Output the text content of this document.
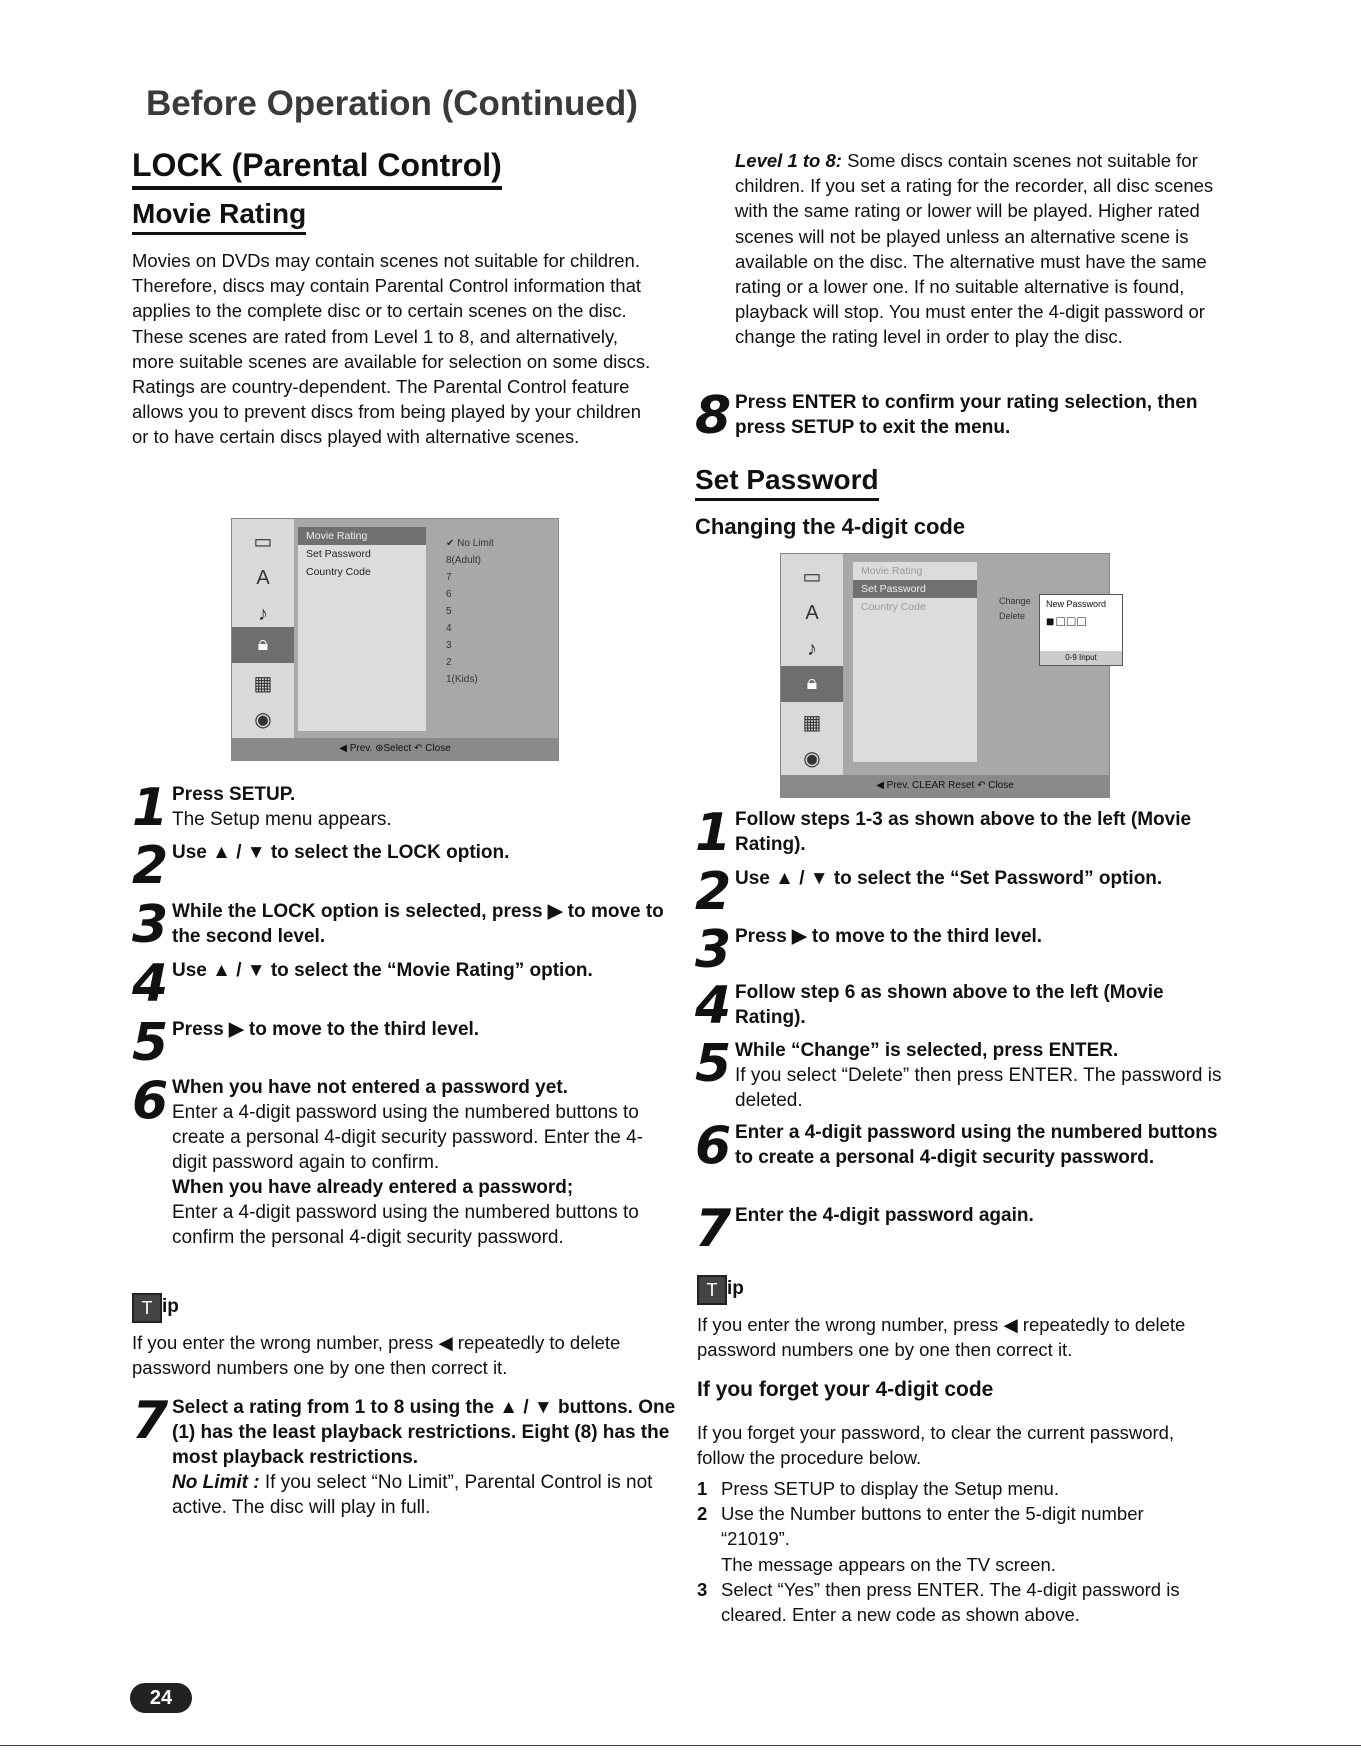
Before Operation (Continued)
LOCK (Parental Control)
Movie Rating
Movies on DVDs may contain scenes not suitable for children. Therefore, discs may contain Parental Control information that applies to the complete disc or to certain scenes on the disc. These scenes are rated from Level 1 to 8, and alternatively, more suitable scenes are available for selection on some discs. Ratings are country-dependent. The Parental Control feature allows you to prevent discs from being played by your children or to have certain discs played with alternative scenes.
▭
A
♪
🔒︎
▦
◉
Movie Rating
Set Password
Country Code
✔ No Limit
8(Adult)
7
6
5
4
3
2
1(Kids)
◀ Prev. ⊛Select ↶ Close
1 Press SETUP.
The Setup menu appears.
2 Use ▲ / ▼ to select the LOCK option.
3 While the LOCK option is selected, press ▶ to move to the second level.
4 Use ▲ / ▼ to select the “Movie Rating” option.
5 Press ▶ to move to the third level.
6 When you have not entered a password yet.
Enter a 4-digit password using the numbered buttons to create a personal 4-digit security password. Enter the 4-digit password again to confirm.
When you have already entered a password;
Enter a 4-digit password using the numbered buttons to confirm the personal 4-digit security password.
T ip
If you enter the wrong number, press ◀ repeatedly to delete password numbers one by one then correct it.
7 Select a rating from 1 to 8 using the ▲ / ▼ buttons. One (1) has the least playback restrictions. Eight (8) has the most playback restrictions.
No Limit : If you select “No Limit”, Parental Control is not active. The disc will play in full.
Level 1 to 8: Some discs contain scenes not suitable for children. If you set a rating for the recorder, all disc scenes with the same rating or lower will be played. Higher rated scenes will not be played unless an alternative scene is available on the disc. The alternative must have the same rating or a lower one. If no suitable alternative is found, playback will stop. You must enter the 4-digit password or change the rating level in order to play the disc.
8 Press ENTER to confirm your rating selection, then press SETUP to exit the menu.
Set Password
Changing the 4-digit code
▭
A
♪
🔒︎
▦
◉
Movie Rating
Set Password
Country Code	Change
Delete
New Password
■□□□
0-9 Input
◀ Prev. CLEAR Reset ↶ Close
1 Follow steps 1-3 as shown above to the left (Movie Rating).
2 Use ▲ / ▼ to select the “Set Password” option.
3 Press ▶ to move to the third level.
4 Follow step 6 as shown above to the left (Movie Rating).
5 While “Change” is selected, press ENTER.
If you select “Delete” then press ENTER. The password is deleted.
6 Enter a 4-digit password using the numbered buttons to create a personal 4-digit security password.
7 Enter the 4-digit password again.
T ip
If you enter the wrong number, press ◀ repeatedly to delete password numbers one by one then correct it.
If you forget your 4-digit code
If you forget your password, to clear the current password, follow the procedure below.
1 Press SETUP to display the Setup menu.
2 Use the Number buttons to enter the 5-digit number “21019”.
The message appears on the TV screen.
3 Select “Yes” then press ENTER. The 4-digit password is cleared. Enter a new code as shown above.
24
